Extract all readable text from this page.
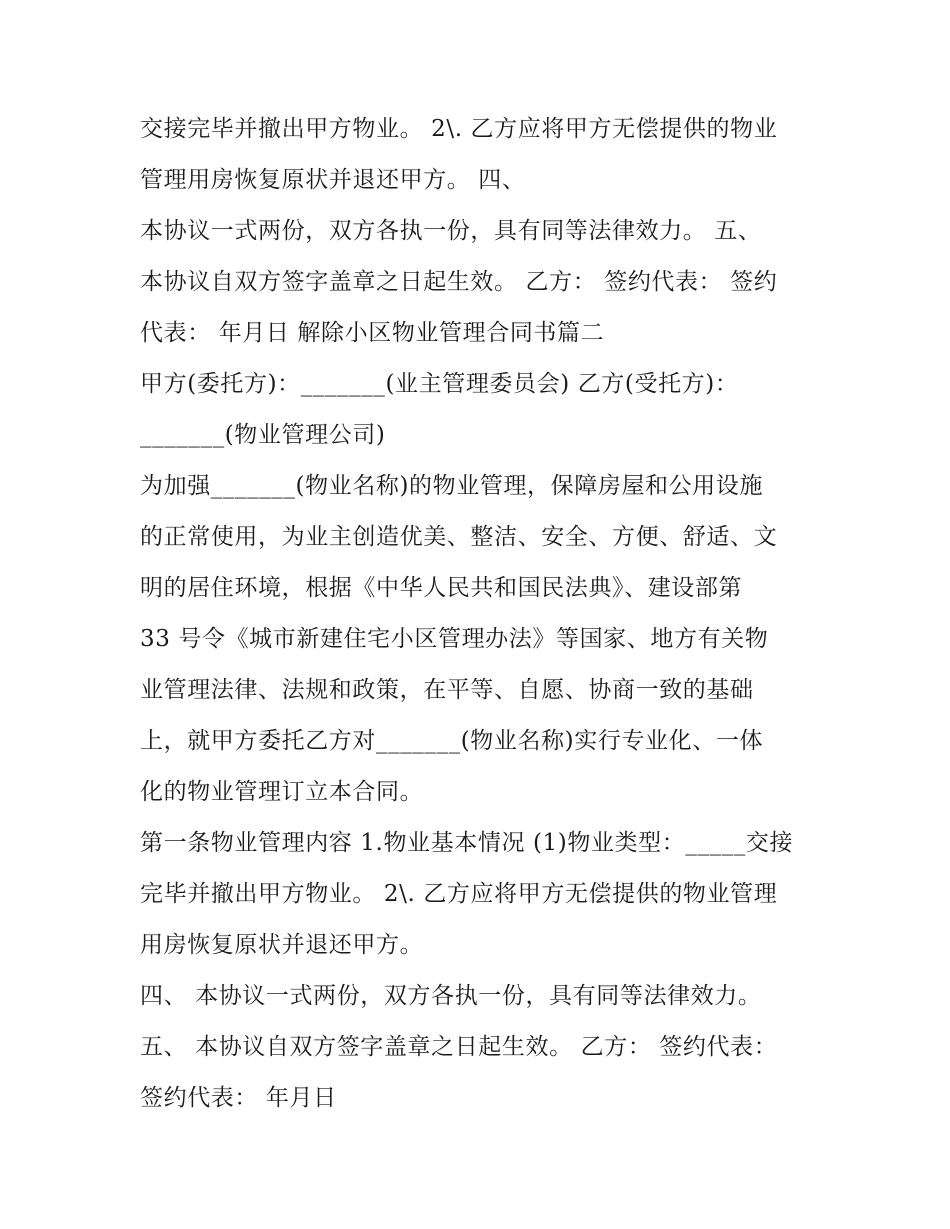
交接完毕并撤出甲方物业。 2\. 乙方应将甲方无偿提供的物业
管理用房恢复原状并退还甲方。 四、
本协议一式两份，双方各执一份，具有同等法律效力。 五、
本协议自双方签字盖章之日起生效。 乙方： 签约代表： 签约
代表： 年月日 解除小区物业管理合同书篇二
甲方(委托方)：_______(业主管理委员会) 乙方(受托方)：
_______(物业管理公司)
为加强_______(物业名称)的物业管理，保障房屋和公用设施
的正常使用，为业主创造优美、整洁、安全、方便、舒适、文
明的居住环境，根据《中华人民共和国民法典》、建设部第
33 号令《城市新建住宅小区管理办法》等国家、地方有关物
业管理法律、法规和政策，在平等、自愿、协商一致的基础
上，就甲方委托乙方对_______(物业名称)实行专业化、一体
化的物业管理订立本合同。
第一条物业管理内容 1.物业基本情况 (1)物业类型：_____交接
完毕并撤出甲方物业。 2\. 乙方应将甲方无偿提供的物业管理
用房恢复原状并退还甲方。
四、 本协议一式两份，双方各执一份，具有同等法律效力。
五、 本协议自双方签字盖章之日起生效。 乙方： 签约代表：
签约代表： 年月日
